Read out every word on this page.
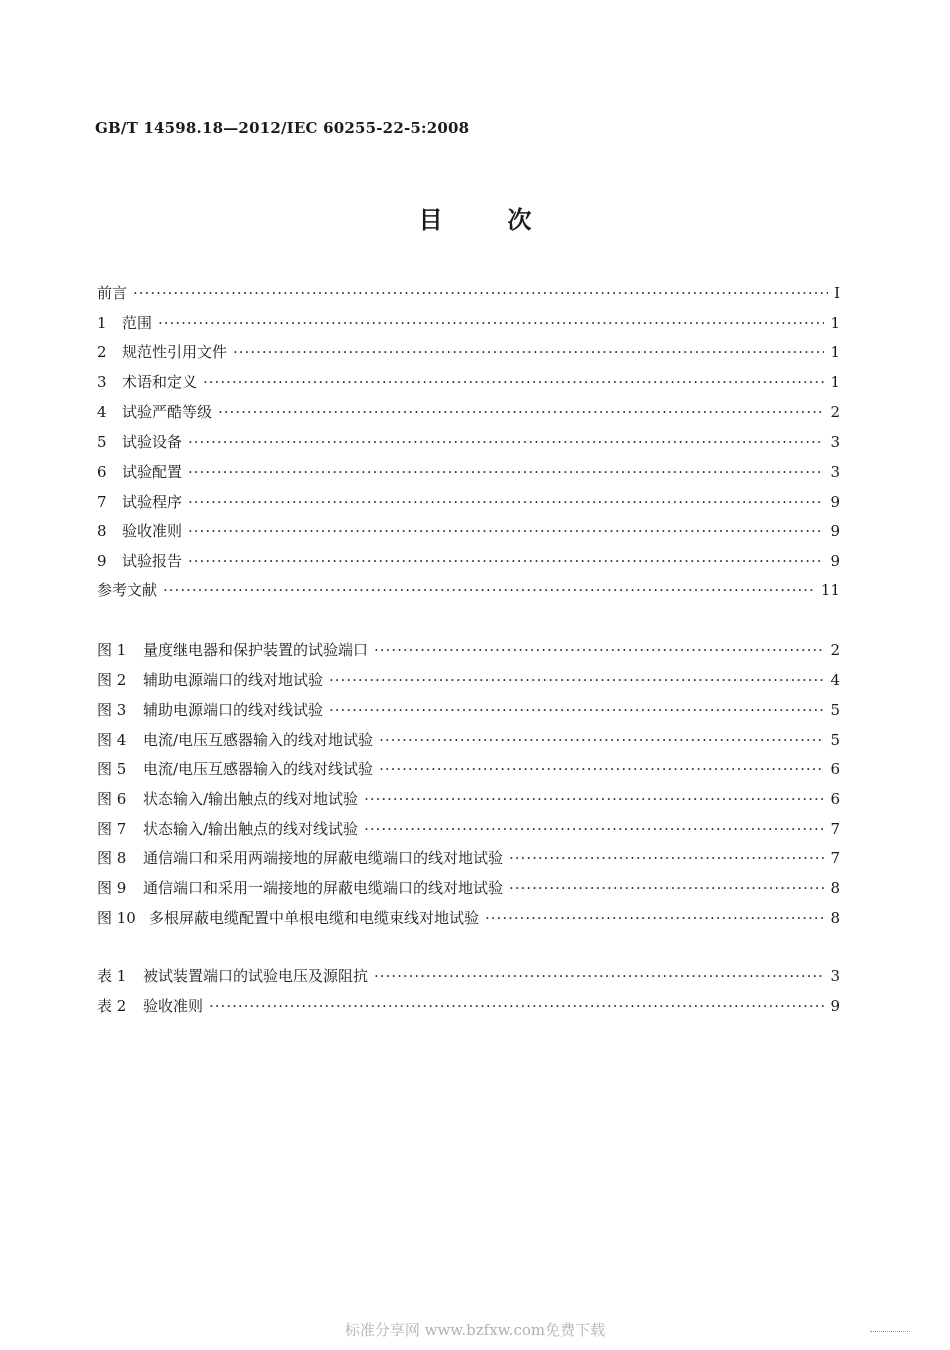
GB/T 14598.18—2012/IEC 60255-22-5:2008
目	次
前言 ·····	Ⅰ
1	范围 ·····	1
2	规范性引用文件 ·····	1
3	术语和定义 ·····	1
4	试验严酷等级 ·····	2
5	试验设备 ·····	3
6	试验配置 ·····	3
7	试验程序 ·····	9
8	验收准则 ·····	9
9	试验报告 ·····	9
参考文献 ·····	11
图 1	量度继电器和保护装置的试验端口 ·····	2
图 2	辅助电源端口的线对地试验 ·····	4
图 3	辅助电源端口的线对线试验 ·····	5
图 4	电流/电压互感器输入的线对地试验 ·····	5
图 5	电流/电压互感器输入的线对线试验 ·····	6
图 6	状态输入/输出触点的线对地试验 ·····	6
图 7	状态输入/输出触点的线对线试验 ·····	7
图 8	通信端口和采用两端接地的屏蔽电缆端口的线对地试验 ·····	7
图 9	通信端口和采用一端接地的屏蔽电缆端口的线对地试验 ·····	8
图 10 多根屏蔽电缆配置中单根电缆和电缆束线对地试验 ·····	8
表 1	被试装置端口的试验电压及源阻抗 ·····	3
表 2	验收准则 ·····	9
标准分享网 www.bzfxw.com免费下载
